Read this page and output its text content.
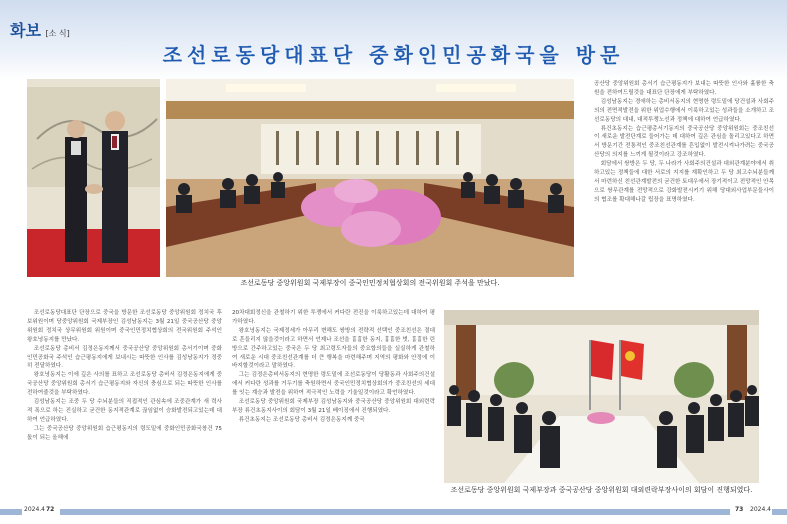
화보 [소 식]
조선로동당대표단 중화인민공화국을 방문
조선로동당 중앙위원회 국제부장이 중국인민정치협상회의 전국위원회 주석을 만났다.

조선로동당대표단 단장으로 중국을 방문한 조선로동당 중앙위원회 정치국 후보위원이며 당중앙위원회 국제부장인 김성남동지는 3월 21일 중국공산당 중앙위원회 정치국 상무위원회 위원이며 중국인민정치협상회의 전국위원회 주석인 왕호녕동지를 만났다.

조선로동당 총비서 김정은동지께서 중국공산당 중앙위원회 총서기이며 중화인민공화국 주석인 습근평동지에게 보내시는 따뜻한 인사를 김성남동지가 정중히 전달하였다.

왕호녕동지는 이에 깊은 사의를 표하고 조선로동당 총비서 김정은동지에게 중국공산당 중앙위원회 총서기 습근평동지와 자신의 충심으로 되는 따뜻한 인사를 전하여줄것을 부탁하였다.

김성남동지는 조중 두 당 수뇌분들의 직접적인 관심속에 조중관계가 새 력사적 폭으로 하는 진실하고 굳건한 동지적관계로 끊임없이 승화발전되고있는데 대하여 언급하였다.

그는 중국공산당 중앙위원회 습근평동지의 령도밑에 중화인민공화국창건 75돐이 되는 올해에

20차대회정신을 관철하기 위한 투쟁에서 커다란 전진을 이룩하고있는데 대하여 평가하였다.

왕호녕동지는 국제정세가 아무리 변해도 쌍방의 전략적 선택인 중조친선은 절대로 흔들리지 않을것이라고 하면서 언제나 조선을 흉흉한 동지, 흉흉한 벗, 흉흉한 린방으로 간주하고있는 중국은 두 당 최고령도자들의 중요합의들을 실실하게 관철하여 새로운 시대 중조친선관계를 더 큰 행복을 마련해주며 지역의 평화와 안정에 이바지할것이라고 말하였다.

그는 김정은총비서동지의 현명한 령도밑에 조선로동당이 당활동과 사회주의건설에서 커다란 성과를 거두기를 축원하면서 중국인민정치협상회의가 중조친선의 세대를 잇는 계승과 발전을 위하여 적극적인 노력을 기울일것이라고 확언하였다.

조선로동당 중앙위원회 국제부장 김성남동지와 중국공산당 중앙위원회 대외련락부장 류건초동지사이의 회담이 3월 21일 베이징에서 진행되였다.

류건초동지는 조선로동당 총비서 김정은동지께 중국

공산당 중앙위원회 총서기 습근평동지가 보내는 따뜻한 인사와 훌륭한 축원을 전하여드릴것을 대표단 단장에게 부탁하였다.

김성남동지는 경애하는 총비서동지의 현명한 령도밑에 당건설과 사회주의의 전면적발전을 위한 위업수행에서 이룩하고있는 성과들을 소개하고 조선로동당의 대내, 대적투쟁노선과 정책에 대하여 언급하였다.

류건초동지는 습근평총서기동지의 중국공산당 중앙위원회는 중조친선이 새로운 발전단계로 들어가는 데 대하여 깊은 관심을 돌리고있다고 하면서 방문기간 전통적인 중조친선관계를 흔입없이 발전시켜나가려는 중국공산당의 의지를 느끼게 될것이라고 강조하였다.

회담에서 쌍방은 두 당, 두 나라가 사회주의건설과 대외관계분야에서 취하고있는 정책들에 대한 서로의 지지를 재확인하고 두 당 최고수뇌분들께서 마련하신 친선관계발전의 굳건한 토대우에서 장기적이고 전망적인 안목으로 쌍무관계를 전망적으로 강화발전시키기 위해 당대외사업부문들사이의 협조를 확대해나갈 립장을 표명하였다.

조선로동당 중앙위원회 국제부장과 중국공산당 중앙위원회 대외련락부장사이의 회담이 진행되였다.
2024.4 72	73 2024.4
